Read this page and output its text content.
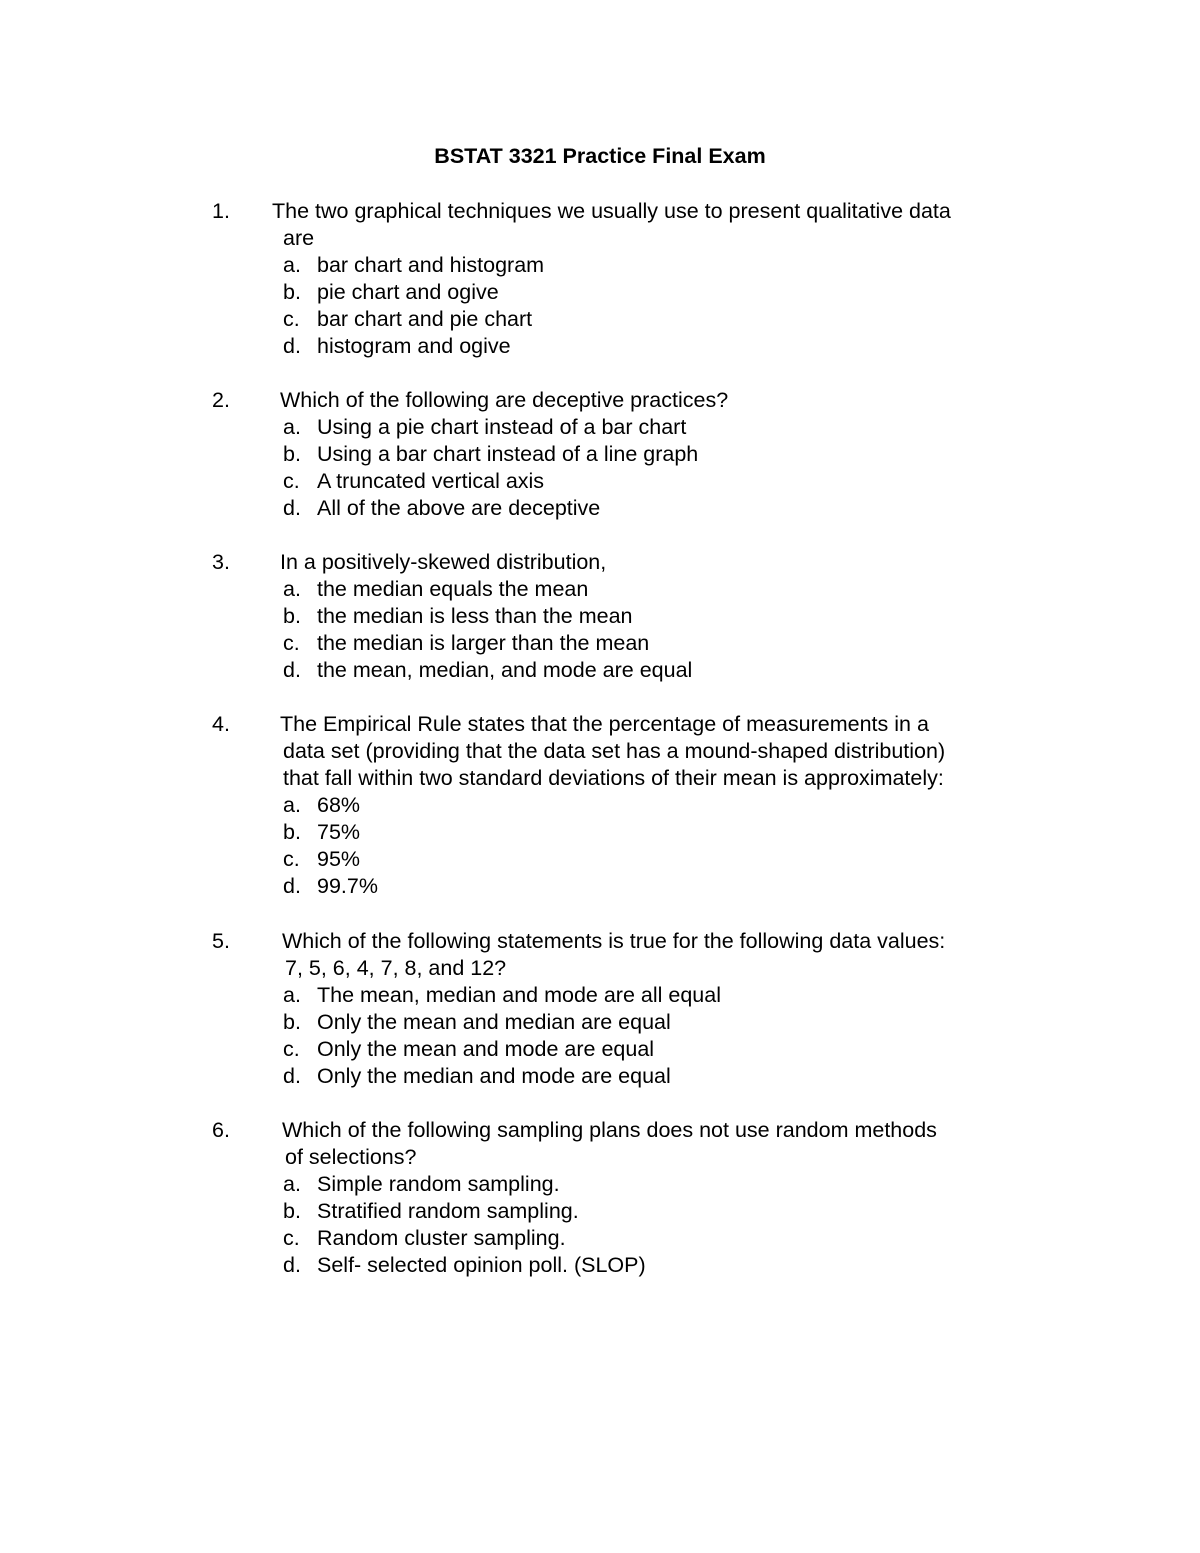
BSTAT 3321 Practice Final Exam
1. The two graphical techniques we usually use to present qualitative data
are
a. bar chart and histogram
b. pie chart and ogive
c. bar chart and pie chart
d. histogram and ogive
2. Which of the following are deceptive practices?
a. Using a pie chart instead of a bar chart
b. Using a bar chart instead of a line graph
c. A truncated vertical axis
d. All of the above are deceptive
3. In a positively-skewed distribution,
a. the median equals the mean
b. the median is less than the mean
c. the median is larger than the mean
d. the mean, median, and mode are equal
4. The Empirical Rule states that the percentage of measurements in a
data set (providing that the data set has a mound-shaped distribution)
that fall within two standard deviations of their mean is approximately:
a. 68%
b. 75%
c. 95%
d. 99.7%
5. Which of the following statements is true for the following data values:
7, 5, 6, 4, 7, 8, and 12?
a. The mean, median and mode are all equal
b. Only the mean and median are equal
c. Only the mean and mode are equal
d. Only the median and mode are equal
6. Which of the following sampling plans does not use random methods
of selections?
a. Simple random sampling.
b. Stratified random sampling.
c. Random cluster sampling.
d. Self- selected opinion poll. (SLOP)
